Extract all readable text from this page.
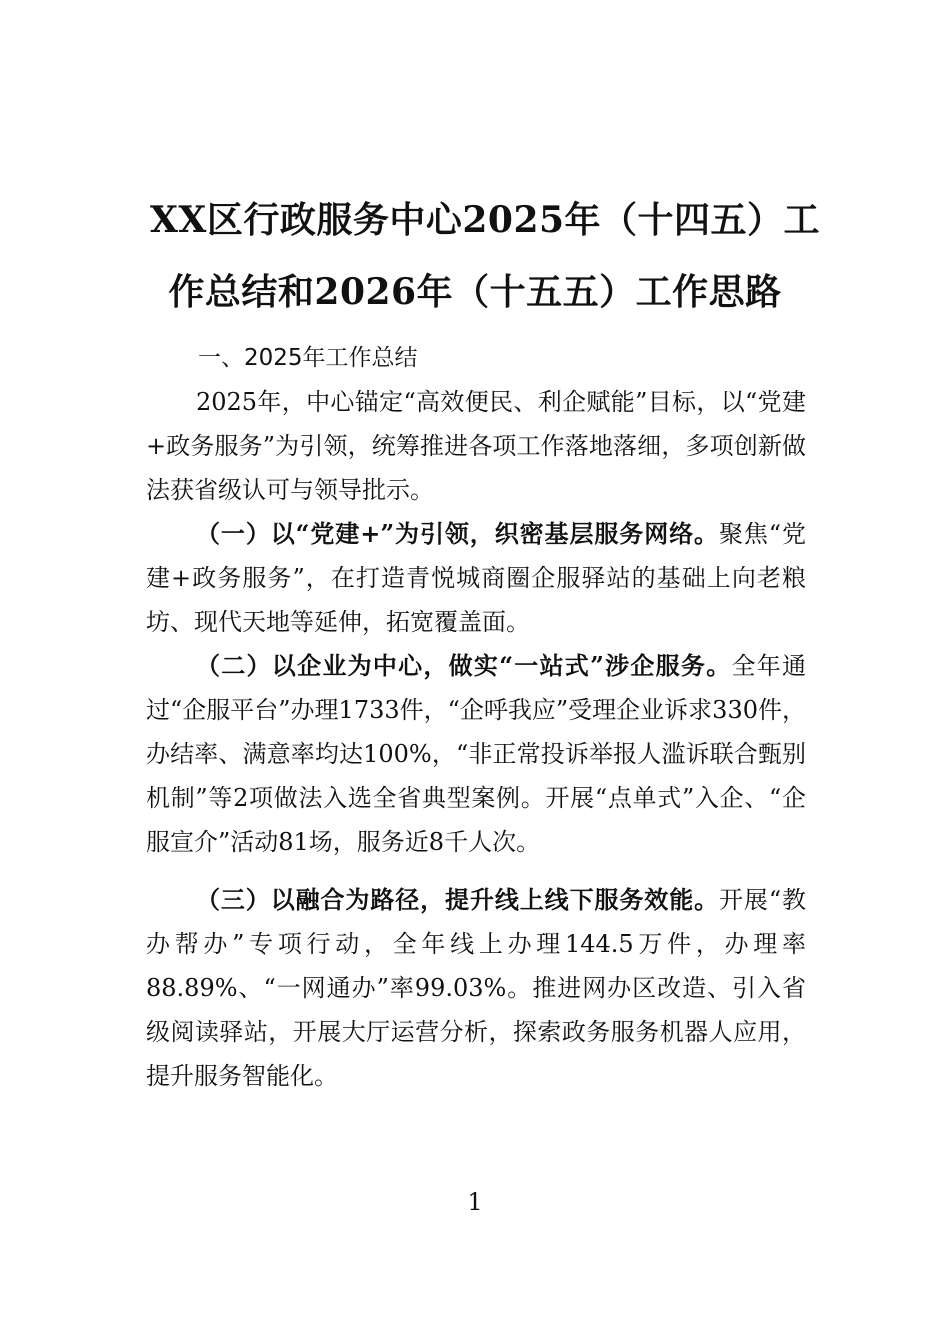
XX区行政服务中心2025年（十四五）工
作总结和2026年（十五五）工作思路

一、2025年工作总结

2025年，中心锚定“高效便民、利企赋能”目标，以“党建+政务服务”为引领，统筹推进各项工作落地落细，多项创新做法获省级认可与领导批示。

（一）以“党建+”为引领，织密基层服务网络。聚焦“党建+政务服务”，在打造青悦城商圈企服驿站的基础上向老粮坊、现代天地等延伸，拓宽覆盖面。

（二）以企业为中心，做实“一站式”涉企服务。全年通过“企服平台”办理1733件，“企呼我应”受理企业诉求330件，办结率、满意率均达100%，“非正常投诉举报人滥诉联合甄别机制”等2项做法入选全省典型案例。开展“点单式”入企、“企服宣介”活动81场，服务近8千人次。

（三）以融合为路径，提升线上线下服务效能。开展“教办帮办”专项行动，全年线上办理144.5万件，办理率88.89%、“一网通办”率99.03%。推进网办区改造、引入省级阅读驿站，开展大厅运营分析，探索政务服务机器人应用，提升服务智能化。

1
